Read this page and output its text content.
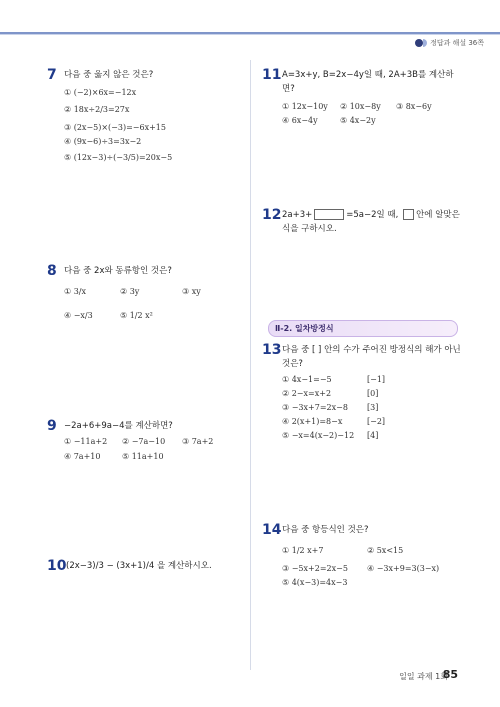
정답과 해설 36쪽
7 다음 중 옳지 않은 것은?
① (−2)×6x=−12x
② 18x÷2/3=27x
③ (2x−5)×(−3)=−6x+15
④ (9x−6)÷3=3x−2
⑤ (12x−3)÷(−3/5)=20x−5
8 다음 중 2x와 동류항인 것은?
① 3/x	② 3y	③ xy
④ −x/3	⑤ 1/2 x²
9 −2a+6+9a−4를 계산하면?
① −11a+2 ② −7a−10 ③ 7a+2
④ 7a+10	⑤ 11a+10
10 (2x−3)/3 − (3x+1)/4 을 계산하시오.
11 A=3x+y, B=2x−4y일 때, 2A+3B를 계산하면?
① 12x−10y ② 10x−8y ③ 8x−6y
④ 6x−4y	⑤ 4x−2y
12 2a+3+	=5a−2일 때, 안에 알맞은 식을 구하시오.
Ⅱ-2. 일차방정식
13 다음 중 [ ] 안의 수가 주어진 방정식의 해가 아닌 것은?
① 4x−1=−5	[−1]
② 2−x=x+2	[0]
③ −3x+7=2x−8 [3]
④ 2(x+1)=8−x	[−2]
⑤ −x=4(x−2)−12 [4]
14 다음 중 항등식인 것은?
① 1/2 x+7	② 5x<15
③ −5x+2=2x−5 ④ −3x+9=3(3−x)
⑤ 4(x−3)=4x−3
일일 과제 1회
85
